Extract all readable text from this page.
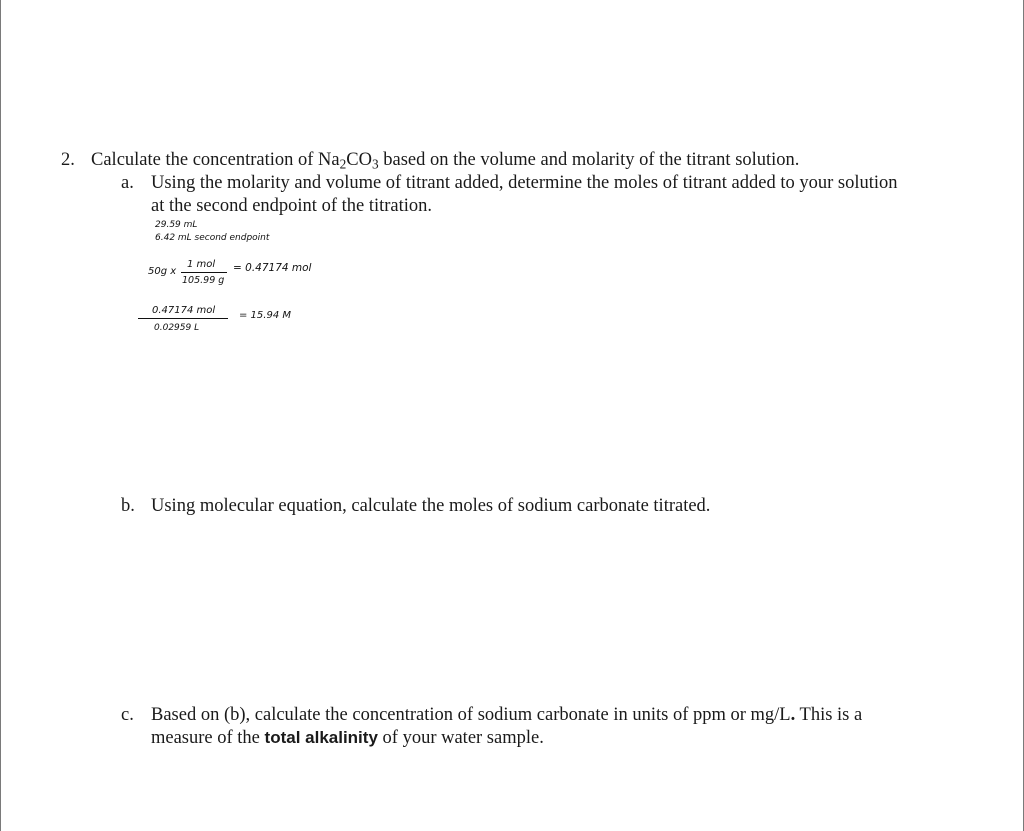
2. Calculate the concentration of $Na_2CO_3$ based on the volume and molarity of the titrant solution.
a. Using the molarity and volume of titrant added, determine the moles of titrant added to your solution
at the second endpoint of the titration.
29.59 mL
6.42 mL second endpoint
50g x
1 mol
105.99 g
= 0.47174 mol
0.47174 mol
0.02959 L
= 15.94 M
b. Using molecular equation, calculate the moles of sodium carbonate titrated.
c. Based on (b), calculate the concentration of sodium carbonate in units of ppm or mg/L. This is a
measure of the total alkalinity of your water sample.
